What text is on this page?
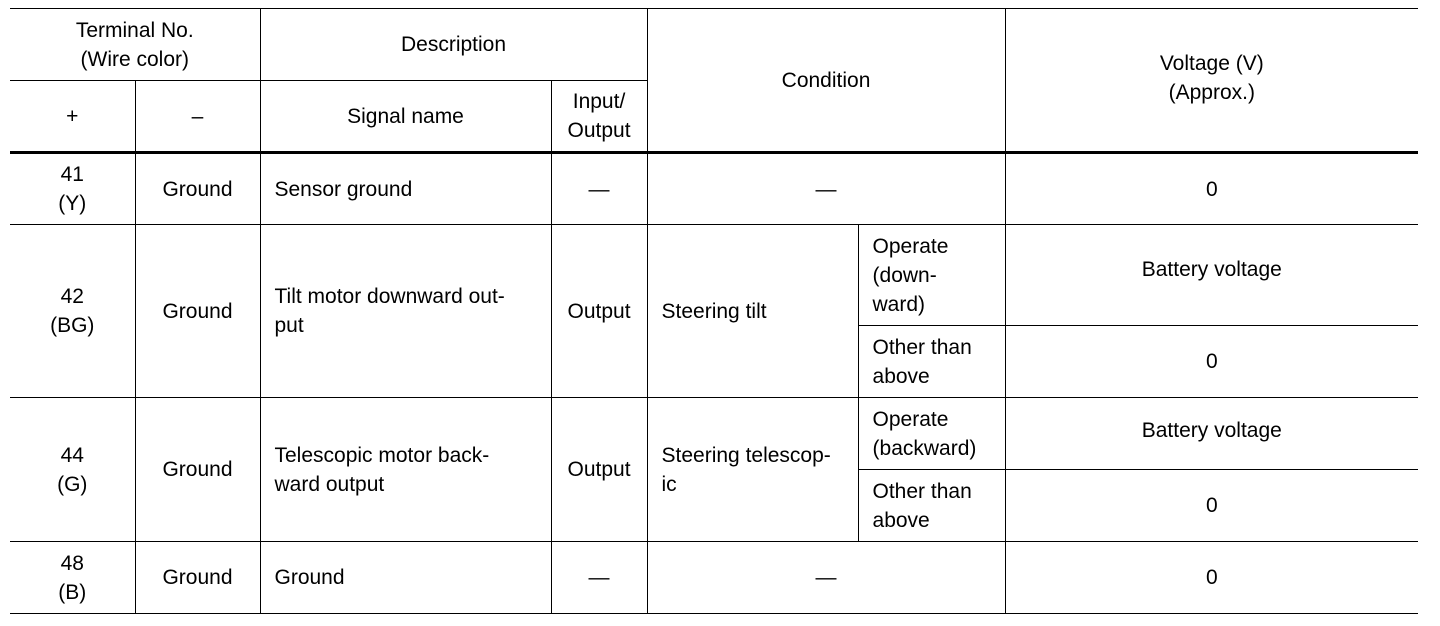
Terminal No.
(Wire color)		Description		Condition		Voltage (V)
(Approx.)

+	–	Signal name	Input/
Output			

41
(Y)	Ground	Sensor ground	—	—		0

42
(BG)	Ground	Tilt motor downward out-
put	Output	Steering tilt	Operate
(down-
ward)	Battery voltage

					Other than
above	0

44
(G)	Ground	Telescopic motor back-
ward output	Output	Steering telescop-
ic	Operate
(backward)	Battery voltage

					Other than
above	0

48
(B)	Ground	Ground	—	—		0
